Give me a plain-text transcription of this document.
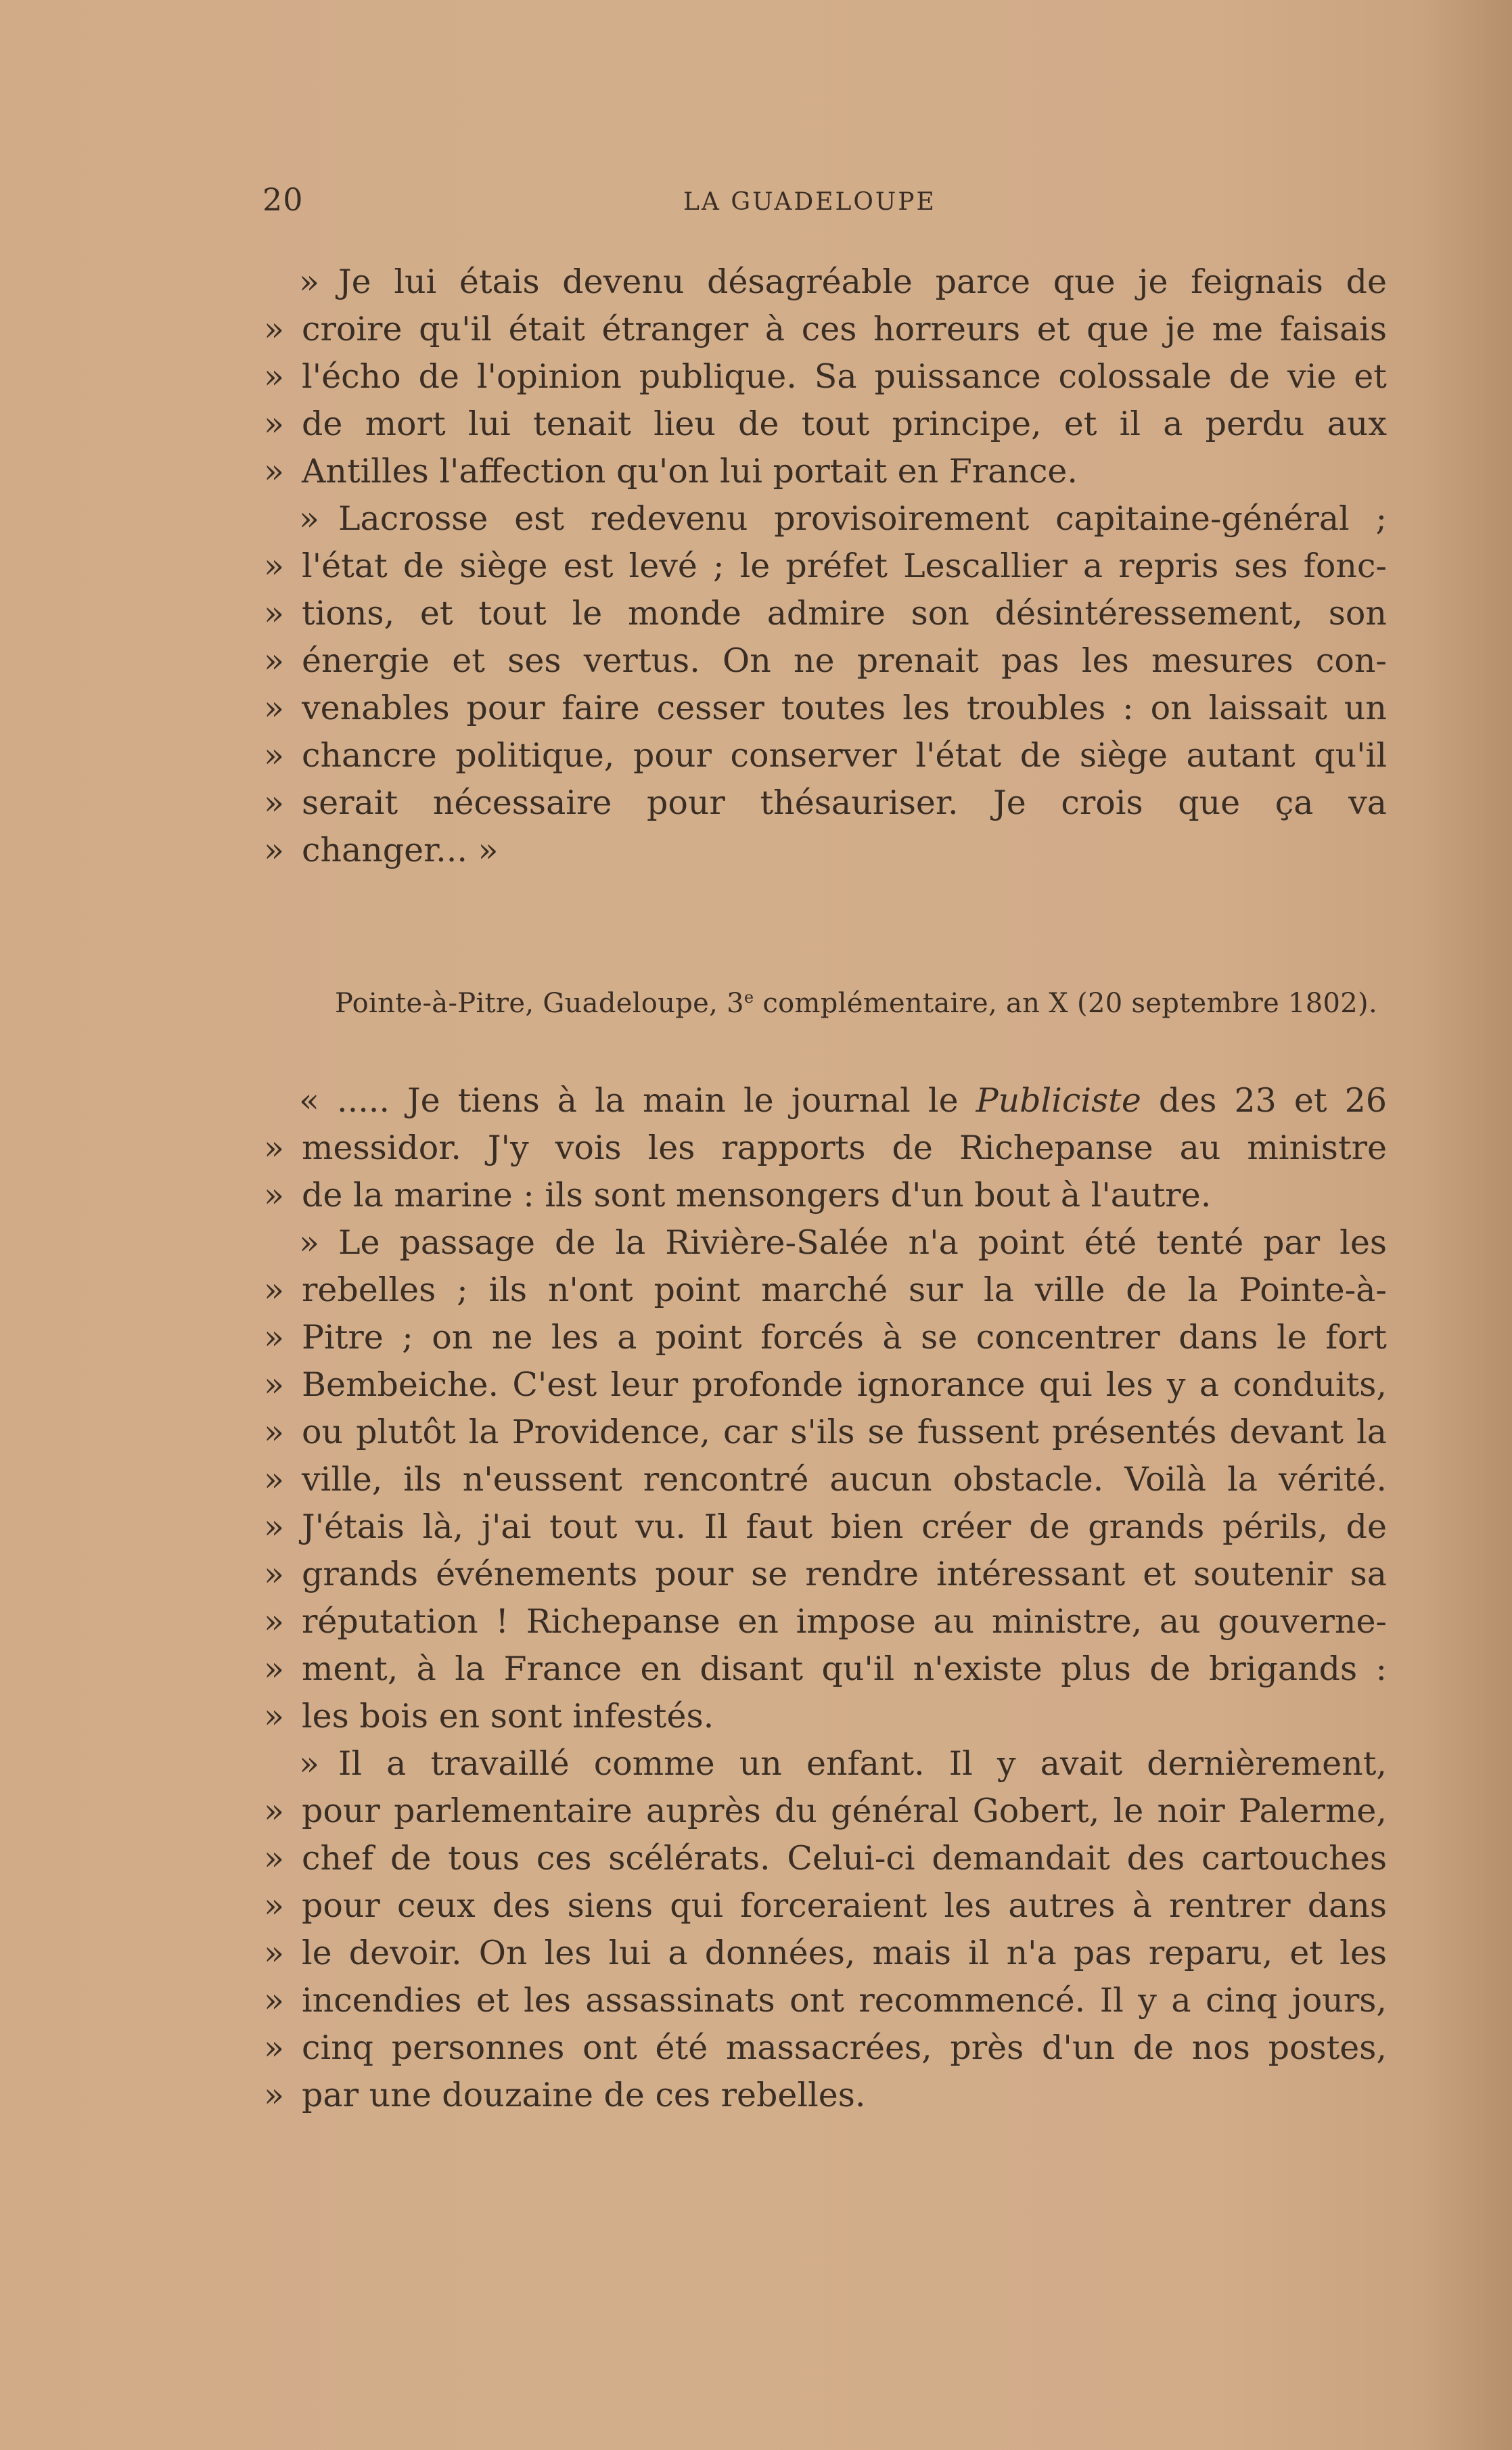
20	LA GUADELOUPE
» Je lui étais devenu désagréable parce que je feignais de
» croire qu'il était étranger à ces horreurs et que je me faisais
» l'écho de l'opinion publique. Sa puissance colossale de vie et
» de mort lui tenait lieu de tout principe, et il a perdu aux
» Antilles l'affection qu'on lui portait en France.
» Lacrosse est redevenu provisoirement capitaine-général ;
» l'état de siège est levé ; le préfet Lescallier a repris ses fonc-
» tions, et tout le monde admire son désintéressement, son
» énergie et ses vertus. On ne prenait pas les mesures con-
» venables pour faire cesser toutes les troubles : on laissait un
» chancre politique, pour conserver l'état de siège autant qu'il
» serait nécessaire pour thésauriser. Je crois que ça va
» changer... »
Pointe-à-Pitre, Guadeloupe, 3e complémentaire, an X (20 septembre 1802).
« ..... Je tiens à la main le journal le Publiciste des 23 et 26
» messidor. J'y vois les rapports de Richepanse au ministre
» de la marine : ils sont mensongers d'un bout à l'autre.
» Le passage de la Rivière-Salée n'a point été tenté par les
» rebelles ; ils n'ont point marché sur la ville de la Pointe-à-
» Pitre ; on ne les a point forcés à se concentrer dans le fort
» Bembeiche. C'est leur profonde ignorance qui les y a conduits,
» ou plutôt la Providence, car s'ils se fussent présentés devant la
» ville, ils n'eussent rencontré aucun obstacle. Voilà la vérité.
» J'étais là, j'ai tout vu. Il faut bien créer de grands périls, de
» grands événements pour se rendre intéressant et soutenir sa
» réputation ! Richepanse en impose au ministre, au gouverne-
» ment, à la France en disant qu'il n'existe plus de brigands :
» les bois en sont infestés.
» Il a travaillé comme un enfant. Il y avait dernièrement,
» pour parlementaire auprès du général Gobert, le noir Palerme,
» chef de tous ces scélérats. Celui-ci demandait des cartouches
» pour ceux des siens qui forceraient les autres à rentrer dans
» le devoir. On les lui a données, mais il n'a pas reparu, et les
» incendies et les assassinats ont recommencé. Il y a cinq jours,
» cinq personnes ont été massacrées, près d'un de nos postes,
» par une douzaine de ces rebelles.
